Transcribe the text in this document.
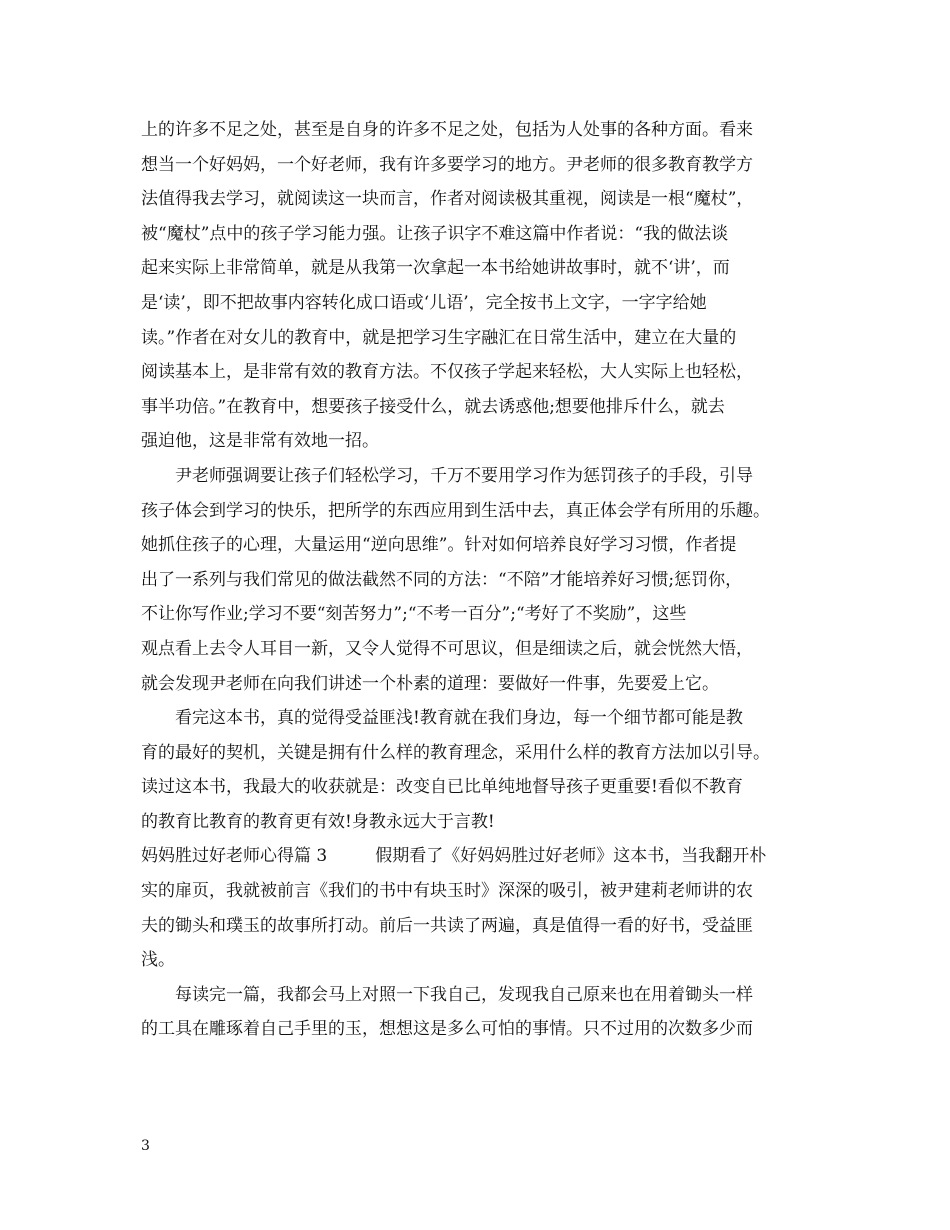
上的许多不足之处，甚至是自身的许多不足之处，包括为人处事的各种方面。看来
想当一个好妈妈，一个好老师，我有许多要学习的地方。尹老师的很多教育教学方
法值得我去学习，就阅读这一块而言，作者对阅读极其重视，阅读是一根“魔杖”，
被“魔杖”点中的孩子学习能力强。让孩子识字不难这篇中作者说：“我的做法谈
起来实际上非常简单，就是从我第一次拿起一本书给她讲故事时，就不‘讲’，而
是‘读’，即不把故事内容转化成口语或‘儿语’，完全按书上文字，一字字给她
读。”作者在对女儿的教育中，就是把学习生字融汇在日常生活中，建立在大量的
阅读基本上，是非常有效的教育方法。不仅孩子学起来轻松，大人实际上也轻松，
事半功倍。”在教育中，想要孩子接受什么，就去诱惑他;想要他排斥什么，就去
强迫他，这是非常有效地一招。
尹老师强调要让孩子们轻松学习，千万不要用学习作为惩罚孩子的手段，引导
孩子体会到学习的快乐，把所学的东西应用到生活中去，真正体会学有所用的乐趣。
她抓住孩子的心理，大量运用“逆向思维”。针对如何培养良好学习习惯，作者提
出了一系列与我们常见的做法截然不同的方法：“不陪”才能培养好习惯;惩罚你，
不让你写作业;学习不要“刻苦努力”;“不考一百分”;“考好了不奖励”，这些
观点看上去令人耳目一新，又令人觉得不可思议，但是细读之后，就会恍然大悟，
就会发现尹老师在向我们讲述一个朴素的道理：要做好一件事，先要爱上它。
看完这本书，真的觉得受益匪浅!教育就在我们身边，每一个细节都可能是教
育的最好的契机，关键是拥有什么样的教育理念，采用什么样的教育方法加以引导。
读过这本书，我最大的收获就是：改变自已比单纯地督导孩子更重要!看似不教育
的教育比教育的教育更有效!身教永远大于言教!
妈妈胜过好老师心得篇 3	假期看了《好妈妈胜过好老师》这本书，当我翻开朴
实的扉页，我就被前言《我们的书中有块玉时》深深的吸引，被尹建莉老师讲的农
夫的锄头和璞玉的故事所打动。前后一共读了两遍，真是值得一看的好书，受益匪
浅。
每读完一篇，我都会马上对照一下我自己，发现我自己原来也在用着锄头一样
的工具在雕琢着自己手里的玉，想想这是多么可怕的事情。只不过用的次数多少而
3
